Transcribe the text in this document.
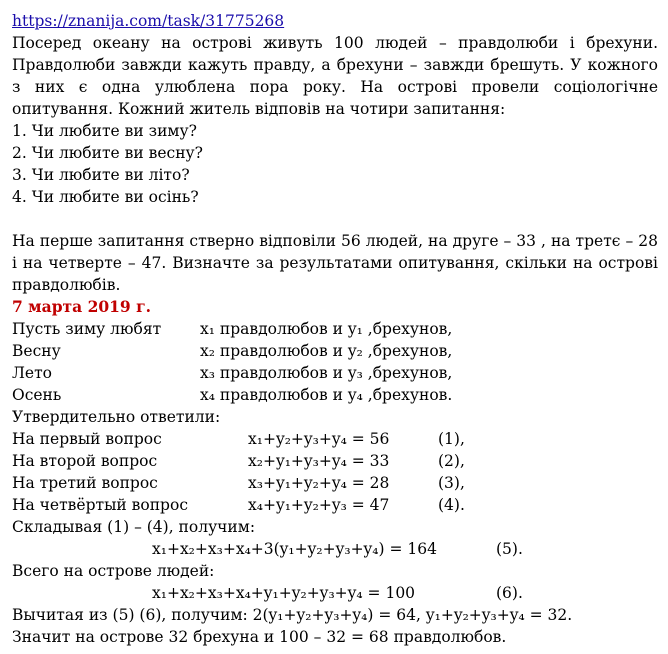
https://znanija.com/task/31775268

Посеред океану на острові живуть 100 людей – правдолюби і брехуни. Правдолюби завжди кажуть правду, а брехуни – завжди брешуть. У кожного з них є одна улюблена пора року. На острові провели соціологічне опитування. Кожний житель відповів на чотири запитання:

1. Чи любите ви зиму?
2. Чи любите ви весну?
3. Чи любите ви літо?
4. Чи любите ви осінь?

На перше запитання стверно відповіли 56 людей, на друге – 33 , на третє – 28 і на четверте – 47. Визначте за результатами опитування, скільки на острові правдолюбів.

7 марта 2019 г.
Пусть зиму любят	x₁ правдолюбов и y₁ ,брехунов,
Весну	x₂ правдолюбов и y₂ ,брехунов,
Лето	x₃ правдолюбов и y₃ ,брехунов,
Осень	x₄ правдолюбов и y₄ ,брехунов.
Утвердительно ответили:
На первый вопрос	x₁+y₂+y₃+y₄ = 56	(1),
На второй вопрос	x₂+y₁+y₃+y₄ = 33	(2),
На третий вопрос	x₃+y₁+y₂+y₄ = 28	(3),
На четвёртый вопрос	x₄+y₁+y₂+y₃ = 47	(4).
Складывая (1) – (4), получим:
x₁+x₂+x₃+x₄+3(y₁+y₂+y₃+y₄) = 164	(5).
Всего на острове людей:
x₁+x₂+x₃+x₄+y₁+y₂+y₃+y₄ = 100	(6).
Вычитая из (5) (6), получим: 2(y₁+y₂+y₃+y₄) = 64, y₁+y₂+y₃+y₄ = 32.
Значит на острове 32 брехуна и 100 – 32 = 68 правдолюбов.
